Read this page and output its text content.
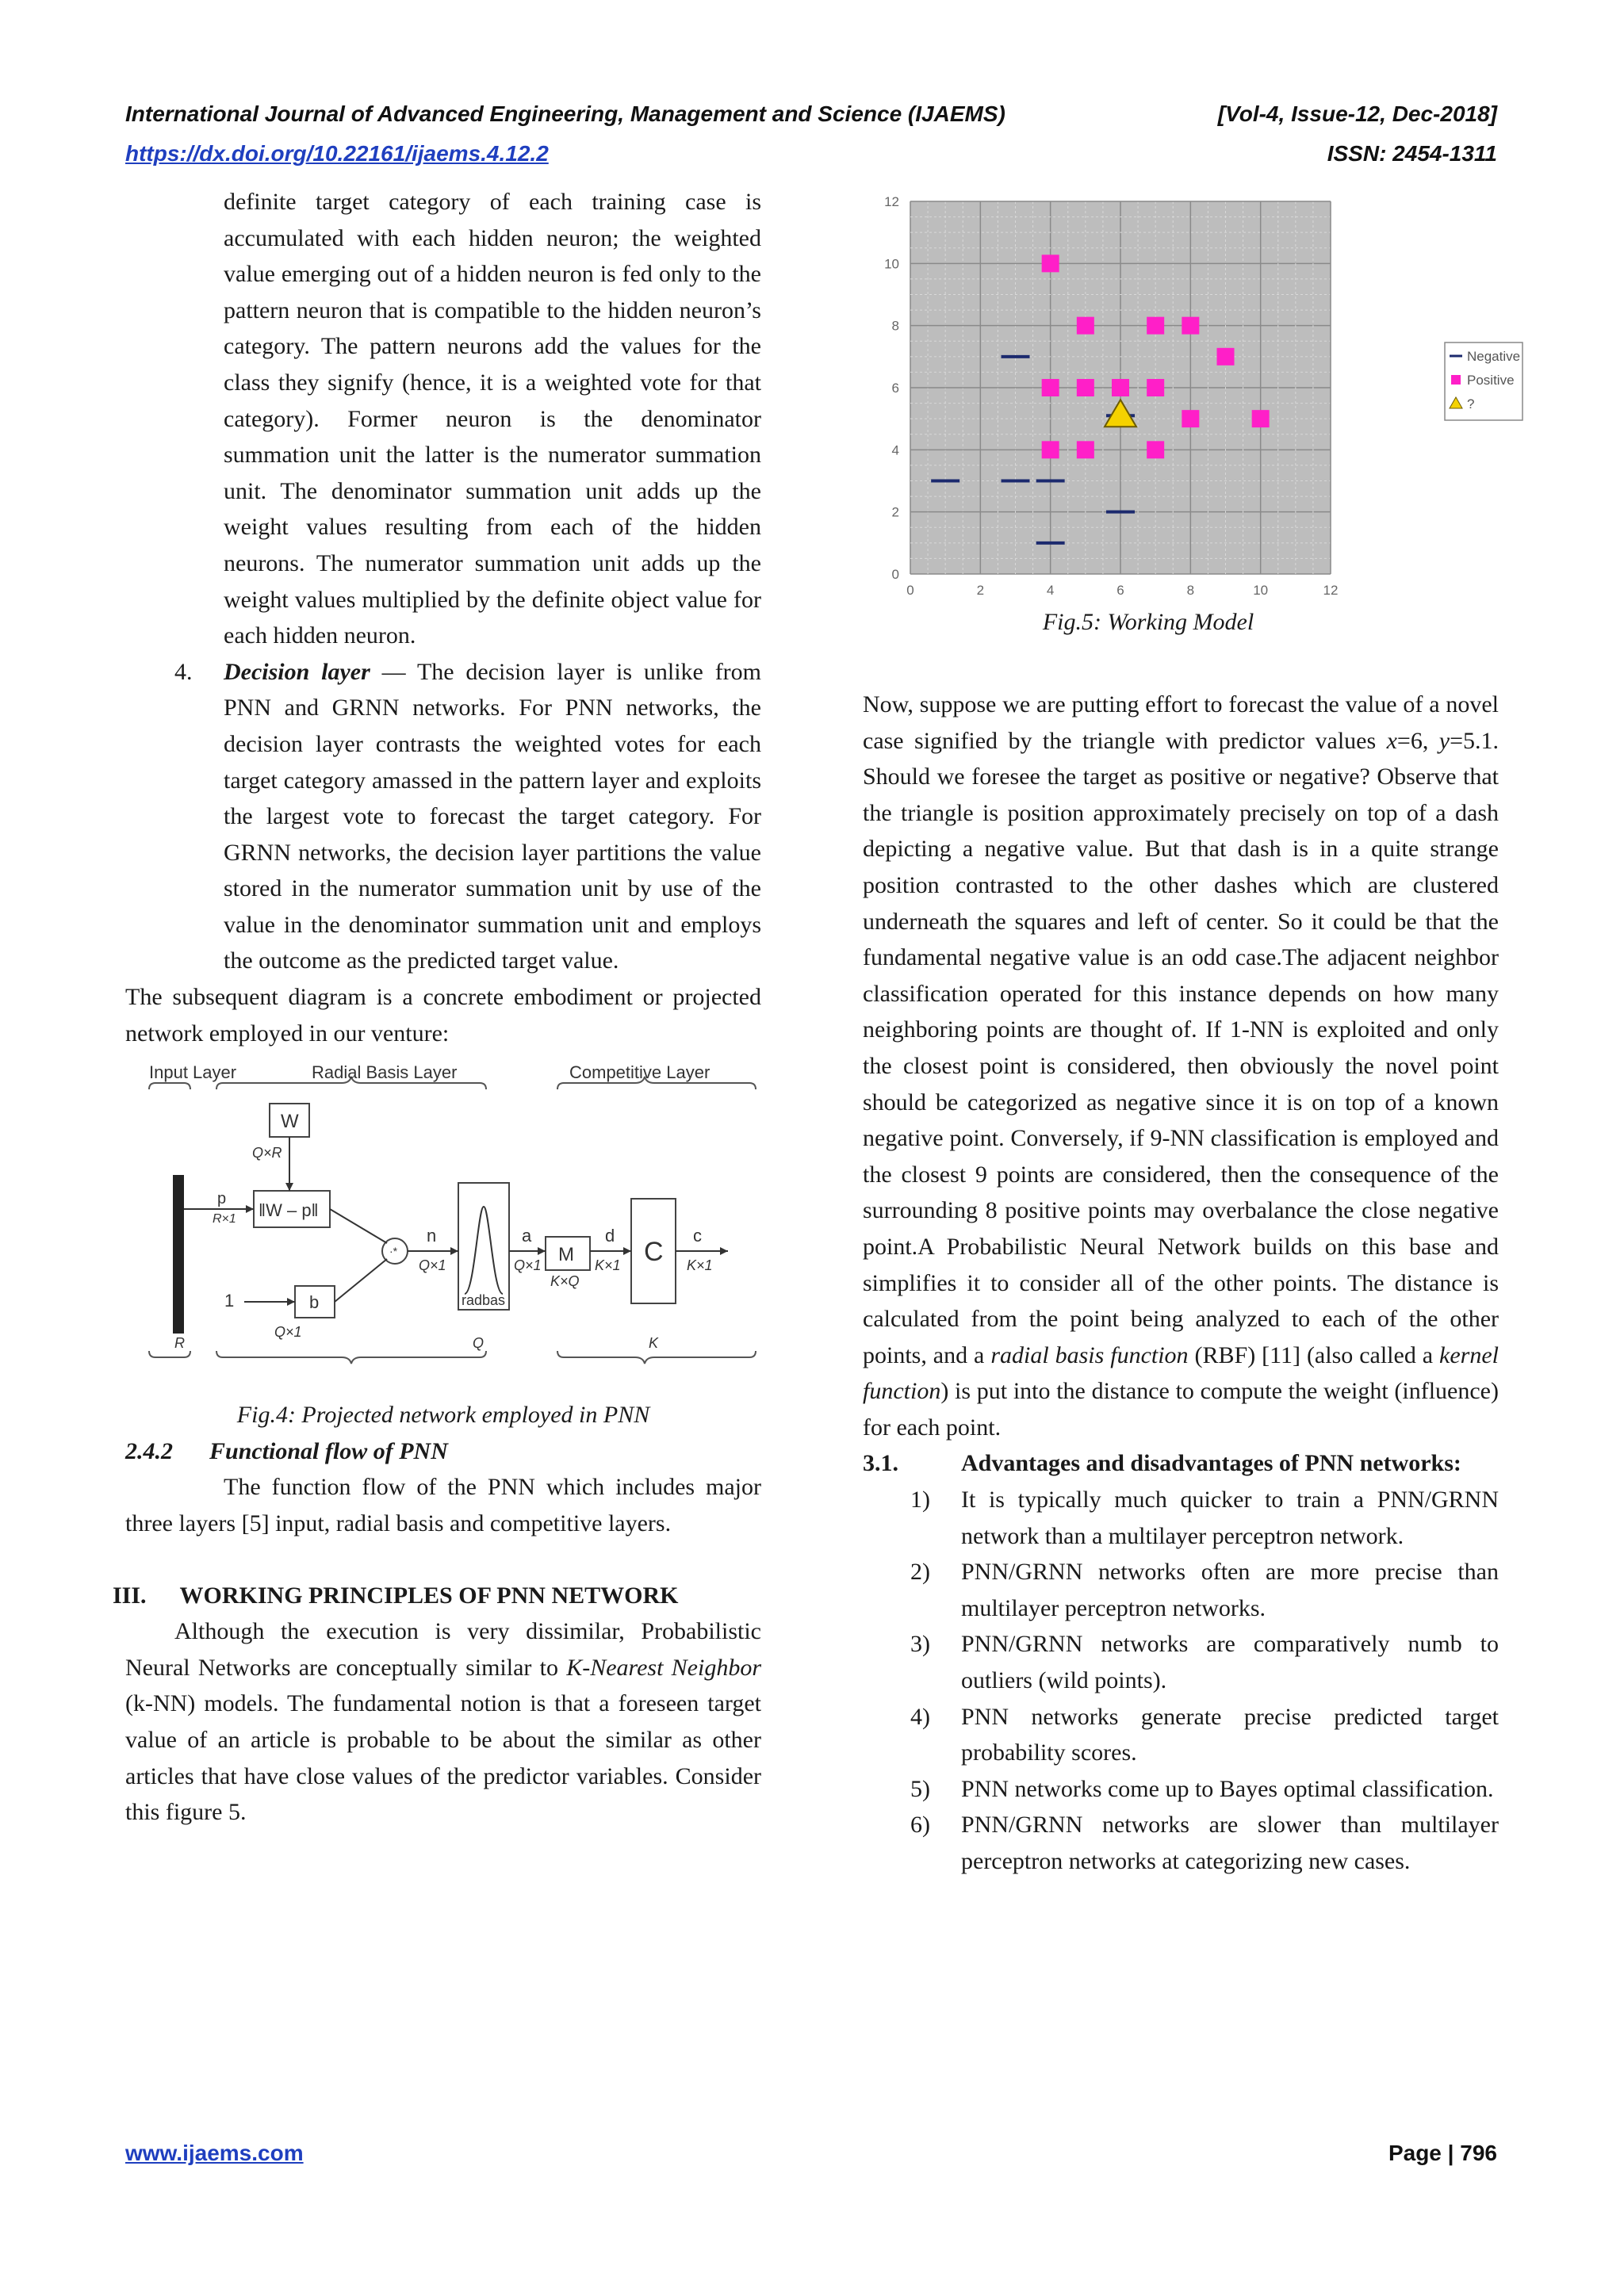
International Journal of Advanced Engineering, Management and Science (IJAEMS)	[Vol-4, Issue-12, Dec-2018]
https://dx.doi.org/10.22161/ijaems.4.12.2	ISSN: 2454-1311

definite target category of each training case is accumulated with each hidden neuron; the weighted value emerging out of a hidden neuron is fed only to the pattern neuron that is compatible to the hidden neuron’s category. The pattern neurons add the values for the class they signify (hence, it is a weighted vote for that category). Former neuron is the denominator summation unit the latter is the numerator summation unit. The denominator summation unit adds up the weight values resulting from each of the hidden neurons. The numerator summation unit adds up the weight values multiplied by the definite object value for each hidden neuron.

4. Decision layer — The decision layer is unlike from PNN and GRNN networks. For PNN networks, the decision layer contrasts the weighted votes for each target category amassed in the pattern layer and exploits the largest vote to forecast the target category. For GRNN networks, the decision layer partitions the value stored in the numerator summation unit by use of the value in the denominator summation unit and employs the outcome as the predicted target value.

The subsequent diagram is a concrete embodiment or projected network employed in our venture:

Input Layer	Radial Basis Layer	Competitive Layer
W
Q×R
p
R×1 ‖W – p‖
1	b
Q×1
·*
n
Q×1
radbas
a
Q×1 M
K×Q
d
K×1 C
c
K×1
R	Q	K

Fig.4: Projected network employed in PNN

2.4.2 Functional flow of PNN

The function flow of the PNN which includes major three layers [5] input, radial basis and competitive layers.

III. WORKING PRINCIPLES OF PNN NETWORK

Although the execution is very dissimilar, Probabilistic Neural Networks are conceptually similar to K-Nearest Neighbor (k-NN) models. The fundamental notion is that a foreseen target value of an article is probable to be about the similar as other articles that have close values of the predictor variables. Consider this figure 5.

0
2
4
6
8
10
12
0	2	4	6	8	10	12
Negative
Positive
?
Fig.5: Working Model

Now, suppose we are putting effort to forecast the value of a novel case signified by the triangle with predictor values x=6, y=5.1. Should we foresee the target as positive or negative? Observe that the triangle is position approximately precisely on top of a dash depicting a negative value. But that dash is in a quite strange position contrasted to the other dashes which are clustered underneath the squares and left of center. So it could be that the fundamental negative value is an odd case.The adjacent neighbor classification operated for this instance depends on how many neighboring points are thought of. If 1-NN is exploited and only the closest point is considered, then obviously the novel point should be categorized as negative since it is on top of a known negative point. Conversely, if 9-NN classification is employed and the closest 9 points are considered, then the consequence of the surrounding 8 positive points may overbalance the close negative point.A Probabilistic Neural Network builds on this base and simplifies it to consider all of the other points. The distance is calculated from the point being analyzed to each of the other points, and a radial basis function (RBF) [11] (also called a kernel function) is put into the distance to compute the weight (influence) for each point.

3.1.	Advantages and disadvantages of PNN networks:

1) It is typically much quicker to train a PNN/GRNN network than a multilayer perceptron network.

2) PNN/GRNN networks often are more precise than multilayer perceptron networks.

3) PNN/GRNN networks are comparatively numb to outliers (wild points).

4) PNN networks generate precise predicted target probability scores.

5) PNN networks come up to Bayes optimal classification.

6) PNN/GRNN networks are slower than multilayer perceptron networks at categorizing new cases.

www.ijaems.com	Page | 796
